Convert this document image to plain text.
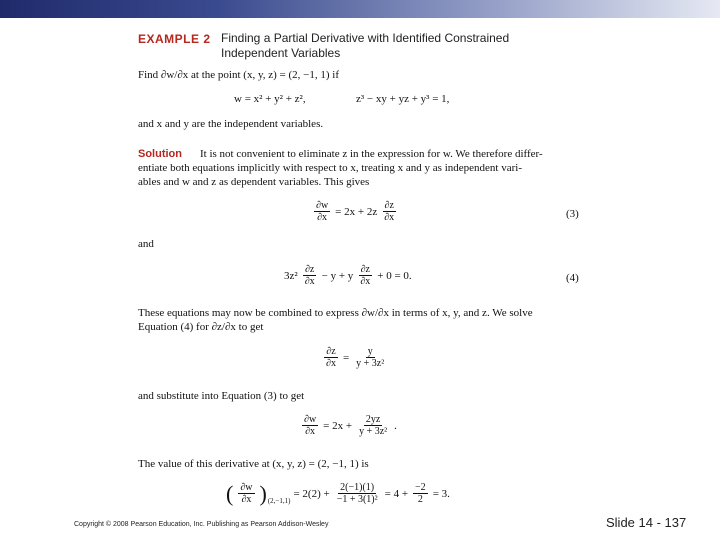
EXAMPLE 2 Finding a Partial Derivative with Identified Constrained
Independent Variables
Find ∂w/∂x at the point (x, y, z) = (2, −1, 1) if
w = x² + y² + z²,	z³ − xy + yz + y³ = 1,
and x and y are the independent variables.
Solution It is not convenient to eliminate z in the expression for w. We therefore differ-
entiate both equations implicitly with respect to x, treating x and y as independent vari-
ables and w and z as dependent variables. This gives
$\frac{\partial w}{\partial x} = 2x + 2z \frac{\partial z}{\partial x}$	(3)
and
$3z^2 \frac{\partial z}{\partial x} - y + y \frac{\partial z}{\partial x} + 0 = 0$.	(4)
These equations may now be combined to express ∂w/∂x in terms of x, y, and z. We solve
Equation (4) for ∂z/∂x to get
$\frac{\partial z}{\partial x} = \frac{y}{\text{y + 3z²}}$
and substitute into Equation (3) to get
$\frac{\partial w}{\partial x} = 2x + \frac{2yz}{\text{y + 3z²}}$ .
The value of this derivative at (x, y, z) = (2, −1, 1) is
( $\frac{\partial w}{\partial x}$ ) (2,−1,1)
= $2(2) + \frac{2(-1)(1)}{\text{−1 + 3(1)²}} = 4 + \frac{-2}{2} = 3$.
Copyright © 2008 Pearson Education, Inc. Publishing as Pearson Addison-Wesley	Slide 14 - 137
